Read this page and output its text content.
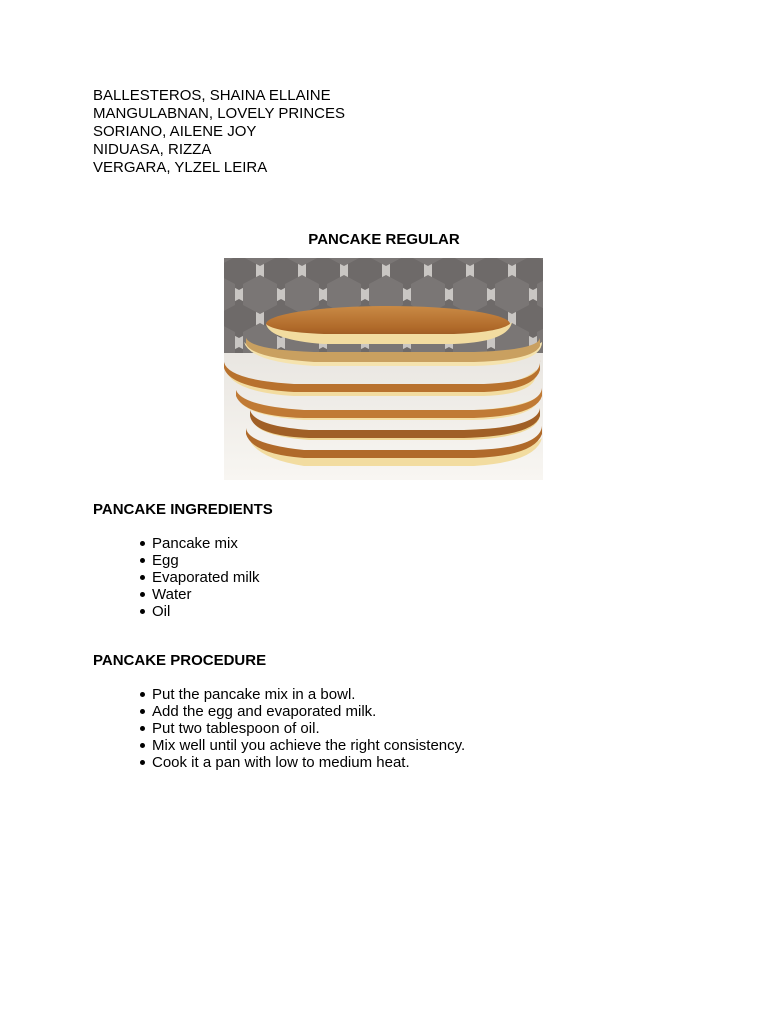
BALLESTEROS, SHAINA ELLAINE
MANGULABNAN, LOVELY PRINCES
SORIANO, AILENE JOY
NIDUASA, RIZZA
VERGARA, YLZEL LEIRA
PANCAKE REGULAR
PANCAKE INGREDIENTS
Pancake mix
Egg
Evaporated milk
Water
Oil
PANCAKE PROCEDURE
Put the pancake mix in a bowl.
Add the egg and evaporated milk.
Put two tablespoon of oil.
Mix well until you achieve the right consistency.
Cook it a pan with low to medium heat.
